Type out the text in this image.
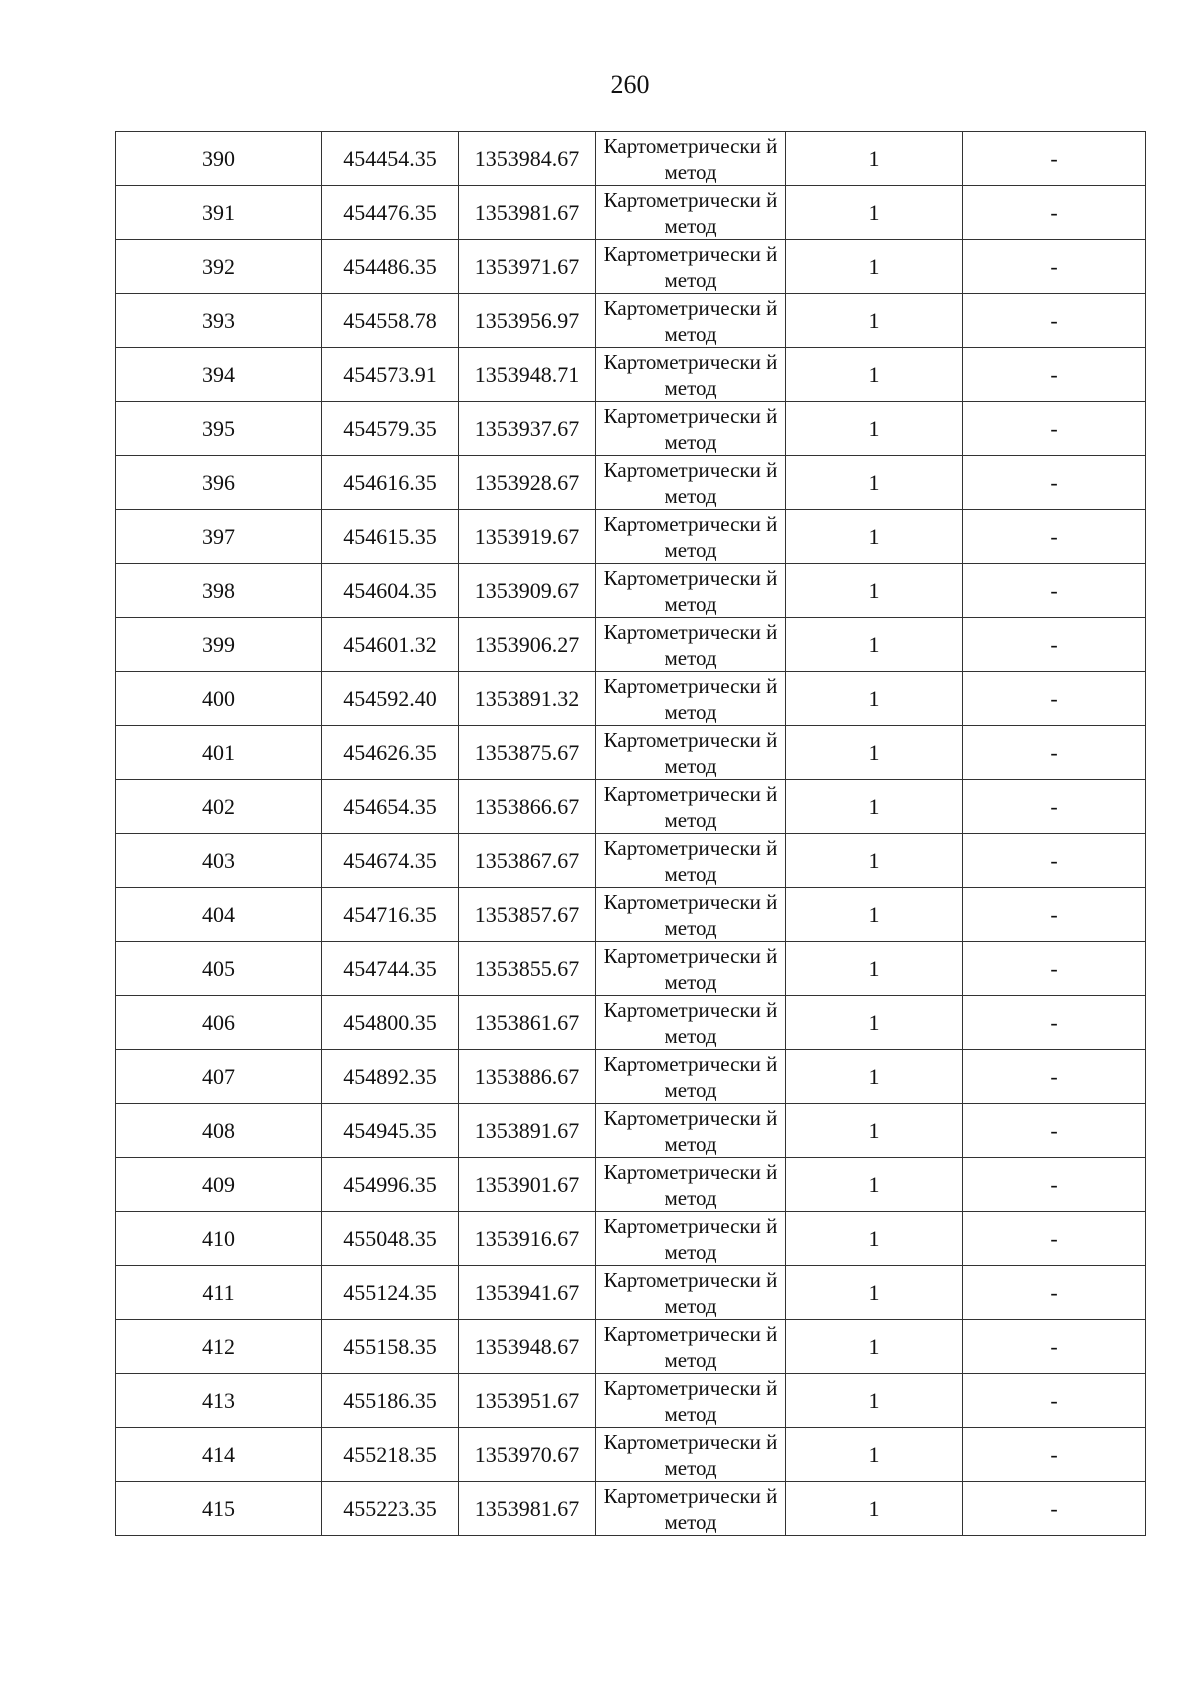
260
390	454454.35	1353984.67	Картометрически й метод	1	-
391	454476.35	1353981.67	Картометрически й метод	1	-
392	454486.35	1353971.67	Картометрически й метод	1	-
393	454558.78	1353956.97	Картометрически й метод	1	-
394	454573.91	1353948.71	Картометрически й метод	1	-
395	454579.35	1353937.67	Картометрически й метод	1	-
396	454616.35	1353928.67	Картометрически й метод	1	-
397	454615.35	1353919.67	Картометрически й метод	1	-
398	454604.35	1353909.67	Картометрически й метод	1	-
399	454601.32	1353906.27	Картометрически й метод	1	-
400	454592.40	1353891.32	Картометрически й метод	1	-
401	454626.35	1353875.67	Картометрически й метод	1	-
402	454654.35	1353866.67	Картометрически й метод	1	-
403	454674.35	1353867.67	Картометрически й метод	1	-
404	454716.35	1353857.67	Картометрически й метод	1	-
405	454744.35	1353855.67	Картометрически й метод	1	-
406	454800.35	1353861.67	Картометрически й метод	1	-
407	454892.35	1353886.67	Картометрически й метод	1	-
408	454945.35	1353891.67	Картометрически й метод	1	-
409	454996.35	1353901.67	Картометрически й метод	1	-
410	455048.35	1353916.67	Картометрически й метод	1	-
411	455124.35	1353941.67	Картометрически й метод	1	-
412	455158.35	1353948.67	Картометрически й метод	1	-
413	455186.35	1353951.67	Картометрически й метод	1	-
414	455218.35	1353970.67	Картометрически й метод	1	-
415	455223.35	1353981.67	Картометрически й метод	1	-
